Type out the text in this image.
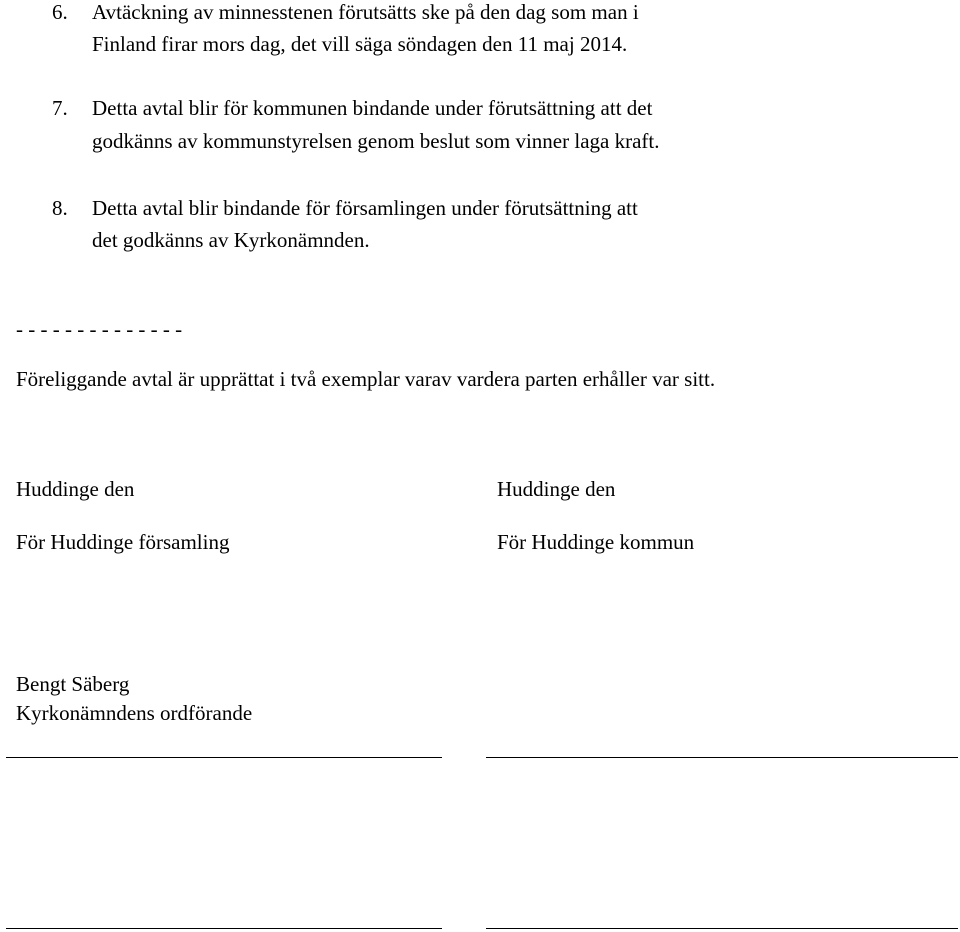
6. Avtäckning av minnesstenen förutsätts ske på den dag som man i
Finland firar mors dag, det vill säga söndagen den 11 maj 2014.
7. Detta avtal blir för kommunen bindande under förutsättning att det
godkänns av kommunstyrelsen genom beslut som vinner laga kraft.
8. Detta avtal blir bindande för församlingen under förutsättning att
det godkänns av Kyrkonämnden.
- - - - - - - - - - - - - -
Föreliggande avtal är upprättat i två exemplar varav vardera parten erhåller var sitt.
Huddinge den
För Huddinge församling
Bengt Säberg
Kyrkonämndens ordförande
Huddinge den
För Huddinge kommun
